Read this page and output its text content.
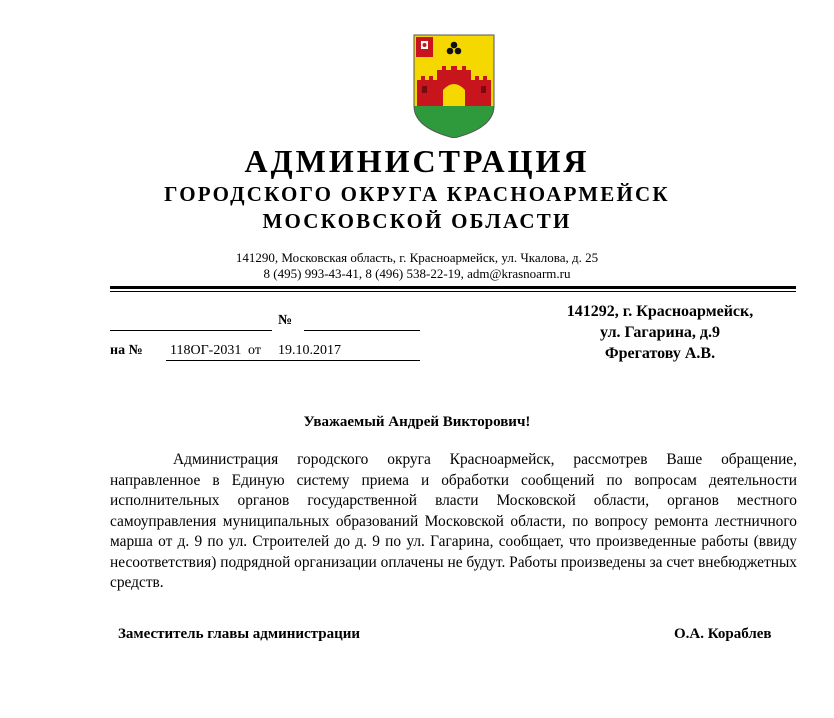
АДМИНИСТРАЦИЯ
ГОРОДСКОГО ОКРУГА КРАСНОАРМЕЙСК
МОСКОВСКОЙ ОБЛАСТИ
141290, Московская область, г. Красноармейск, ул. Чкалова, д. 25
8 (495) 993-43-41, 8 (496) 538-22-19, adm@krasnoarm.ru
№
на № 118ОГ-2031 от 19.10.2017
141292, г. Красноармейск,
ул. Гагарина, д.9
Фрегатову А.В.
Уважаемый Андрей Викторович!

Администрация городского округа Красноармейск, рассмотрев Ваше обращение, направленное в Единую систему приема и обработки сообщений по вопросам деятельности исполнительных органов государственной власти Московской области, органов местного самоуправления муниципальных образований Московской области, по вопросу ремонта лестничного марша от д. 9 по ул. Строителей до д. 9 по ул. Гагарина, сообщает, что произведенные работы (ввиду несоответствия) подрядной организации оплачены не будут. Работы произведены за счет внебюджетных средств.

Заместитель главы администрации	О.А. Кораблев
